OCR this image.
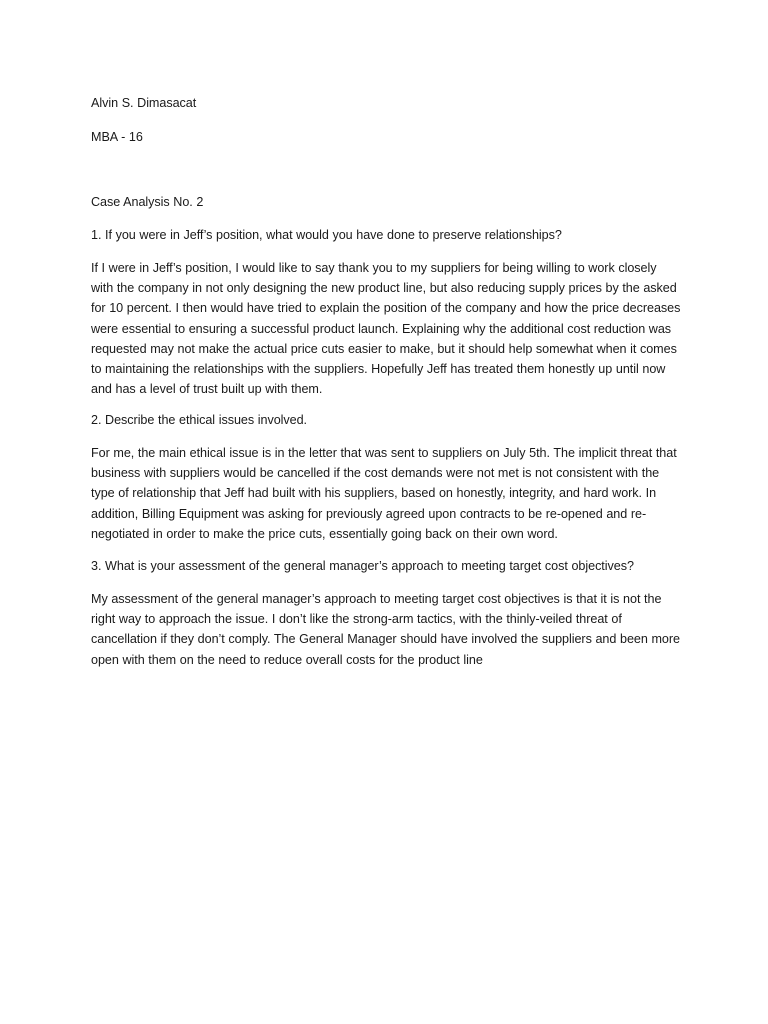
Alvin S. Dimasacat

MBA - 16

Case Analysis No. 2

1. If you were in Jeff’s position, what would you have done to preserve relationships?

If I were in Jeff’s position, I would like to say thank you to my suppliers for being willing to work closely with the company in not only designing the new product line, but also reducing supply prices by the asked for 10 percent. I then would have tried to explain the position of the company and how the price decreases were essential to ensuring a successful product launch. Explaining why the additional cost reduction was requested may not make the actual price cuts easier to make, but it should help somewhat when it comes to maintaining the relationships with the suppliers. Hopefully Jeff has treated them honestly up until now and has a level of trust built up with them.

2. Describe the ethical issues involved.

For me, the main ethical issue is in the letter that was sent to suppliers on July 5th. The implicit threat that business with suppliers would be cancelled if the cost demands were not met is not consistent with the type of relationship that Jeff had built with his suppliers, based on honestly, integrity, and hard work. In addition, Billing Equipment was asking for previously agreed upon contracts to be re-opened and re-negotiated in order to make the price cuts, essentially going back on their own word.

3. What is your assessment of the general manager’s approach to meeting target cost objectives?

My assessment of the general manager’s approach to meeting target cost objectives is that it is not the right way to approach the issue. I don’t like the strong-arm tactics, with the thinly-veiled threat of cancellation if they don’t comply. The General Manager should have involved the suppliers and been more open with them on the need to reduce overall costs for the product line
